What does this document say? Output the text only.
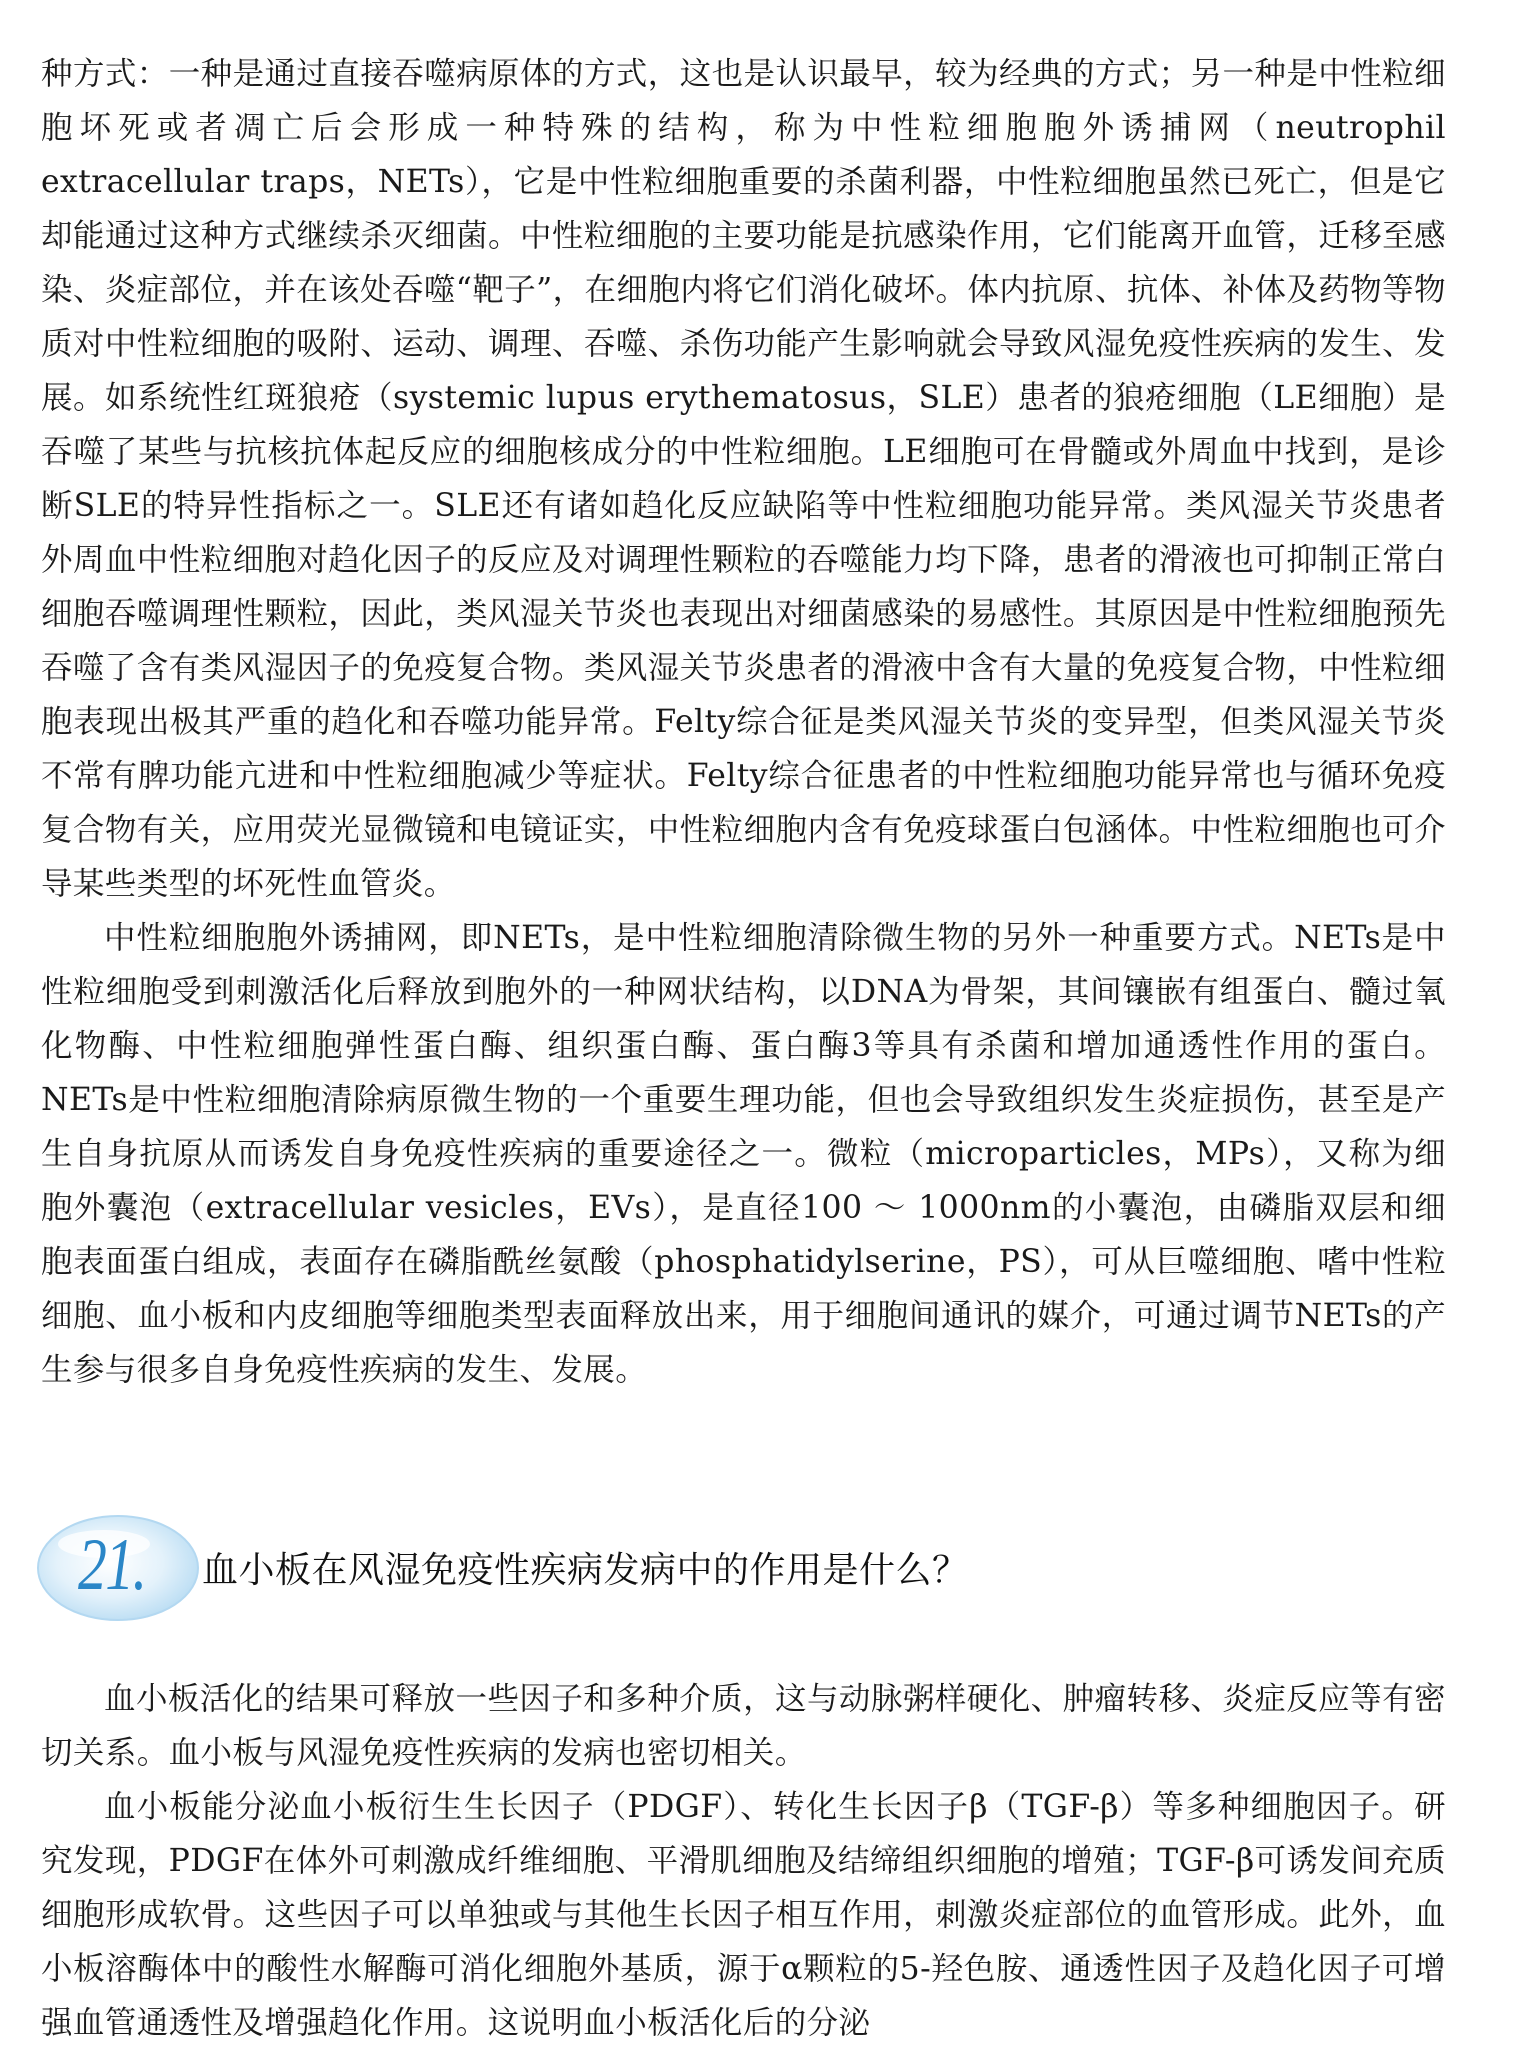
种方式：一种是通过直接吞噬病原体的方式，这也是认识最早，较为经典的方式；另一种是中性粒细胞坏死或者凋亡后会形成一种特殊的结构，称为中性粒细胞胞外诱捕网（neutrophil extracellular traps，NETs），它是中性粒细胞重要的杀菌利器，中性粒细胞虽然已死亡，但是它却能通过这种方式继续杀灭细菌。中性粒细胞的主要功能是抗感染作用，它们能离开血管，迁移至感染、炎症部位，并在该处吞噬“靶子”，在细胞内将它们消化破坏。体内抗原、抗体、补体及药物等物质对中性粒细胞的吸附、运动、调理、吞噬、杀伤功能产生影响就会导致风湿免疫性疾病的发生、发展。如系统性红斑狼疮（systemic lupus erythematosus，SLE）患者的狼疮细胞（LE细胞）是吞噬了某些与抗核抗体起反应的细胞核成分的中性粒细胞。LE细胞可在骨髓或外周血中找到，是诊断SLE的特异性指标之一。SLE还有诸如趋化反应缺陷等中性粒细胞功能异常。类风湿关节炎患者外周血中性粒细胞对趋化因子的反应及对调理性颗粒的吞噬能力均下降，患者的滑液也可抑制正常白细胞吞噬调理性颗粒，因此，类风湿关节炎也表现出对细菌感染的易感性。其原因是中性粒细胞预先吞噬了含有类风湿因子的免疫复合物。类风湿关节炎患者的滑液中含有大量的免疫复合物，中性粒细胞表现出极其严重的趋化和吞噬功能异常。Felty综合征是类风湿关节炎的变异型，但类风湿关节炎不常有脾功能亢进和中性粒细胞减少等症状。Felty综合征患者的中性粒细胞功能异常也与循环免疫复合物有关，应用荧光显微镜和电镜证实，中性粒细胞内含有免疫球蛋白包涵体。中性粒细胞也可介导某些类型的坏死性血管炎。

中性粒细胞胞外诱捕网，即NETs，是中性粒细胞清除微生物的另外一种重要方式。NETs是中性粒细胞受到刺激活化后释放到胞外的一种网状结构，以DNA为骨架，其间镶嵌有组蛋白、髓过氧化物酶、中性粒细胞弹性蛋白酶、组织蛋白酶、蛋白酶3等具有杀菌和增加通透性作用的蛋白。NETs是中性粒细胞清除病原微生物的一个重要生理功能，但也会导致组织发生炎症损伤，甚至是产生自身抗原从而诱发自身免疫性疾病的重要途径之一。微粒（microparticles，MPs），又称为细胞外囊泡（extracellular vesicles，EVs），是直径100 ～ 1000nm的小囊泡，由磷脂双层和细胞表面蛋白组成，表面存在磷脂酰丝氨酸（phosphatidylserine，PS），可从巨噬细胞、嗜中性粒细胞、血小板和内皮细胞等细胞类型表面释放出来，用于细胞间通讯的媒介，可通过调节NETs的产生参与很多自身免疫性疾病的发生、发展。

21. 血小板在风湿免疫性疾病发病中的作用是什么？

血小板活化的结果可释放一些因子和多种介质，这与动脉粥样硬化、肿瘤转移、炎症反应等有密切关系。血小板与风湿免疫性疾病的发病也密切相关。

血小板能分泌血小板衍生生长因子（PDGF）、转化生长因子β（TGF-β）等多种细胞因子。研究发现，PDGF在体外可刺激成纤维细胞、平滑肌细胞及结缔组织细胞的增殖；TGF-β可诱发间充质细胞形成软骨。这些因子可以单独或与其他生长因子相互作用，刺激炎症部位的血管形成。此外，血小板溶酶体中的酸性水解酶可消化细胞外基质，源于α颗粒的5-羟色胺、通透性因子及趋化因子可增强血管通透性及增强趋化作用。这说明血小板活化后的分泌
